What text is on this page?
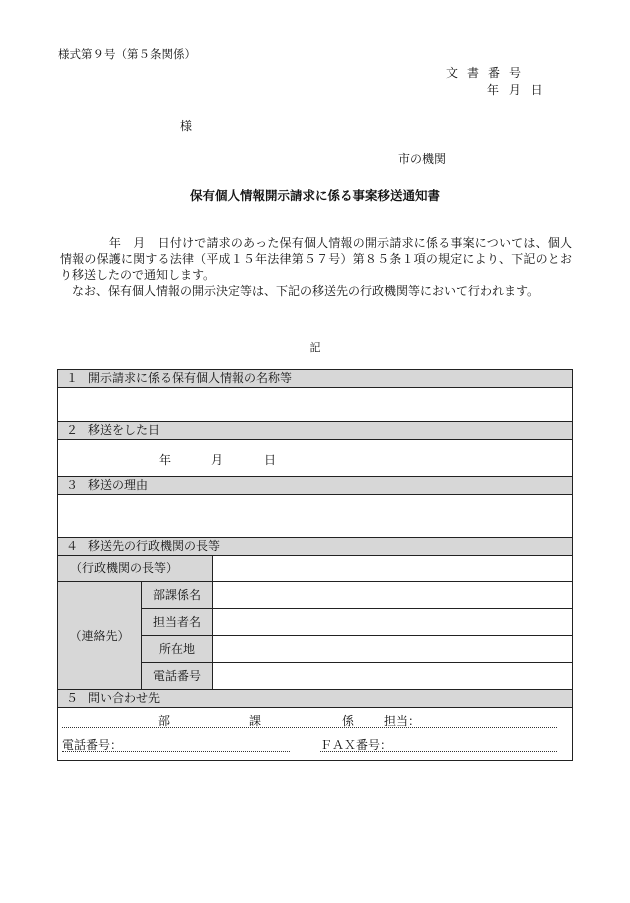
様式第９号（第５条関係）
文書番号
年 月 日
様
市の機関
保有個人情報開示請求に係る事案移送通知書

　　　　年　月　日付けで請求のあった保有個人情報の開示請求に係る事案については、個人情報の保護に関する法律（平成１５年法律第５７号）第８５条１項の規定により、下記のとおり移送したので通知します。

　なお、保有個人情報の開示決定等は、下記の移送先の行政機関等において行われます。

記
１ 開示請求に係る保有個人情報の名称等
２ 移送をした日
年	月	日
３ 移送の理由
４ 移送先の行政機関の長等
（行政機関の長等）
（連絡先）
部課係名
担当者名
所在地
電話番号
５ 問い合わせ先
部	課	係 担当：
電話番号：	ＦＡＸ番号：
